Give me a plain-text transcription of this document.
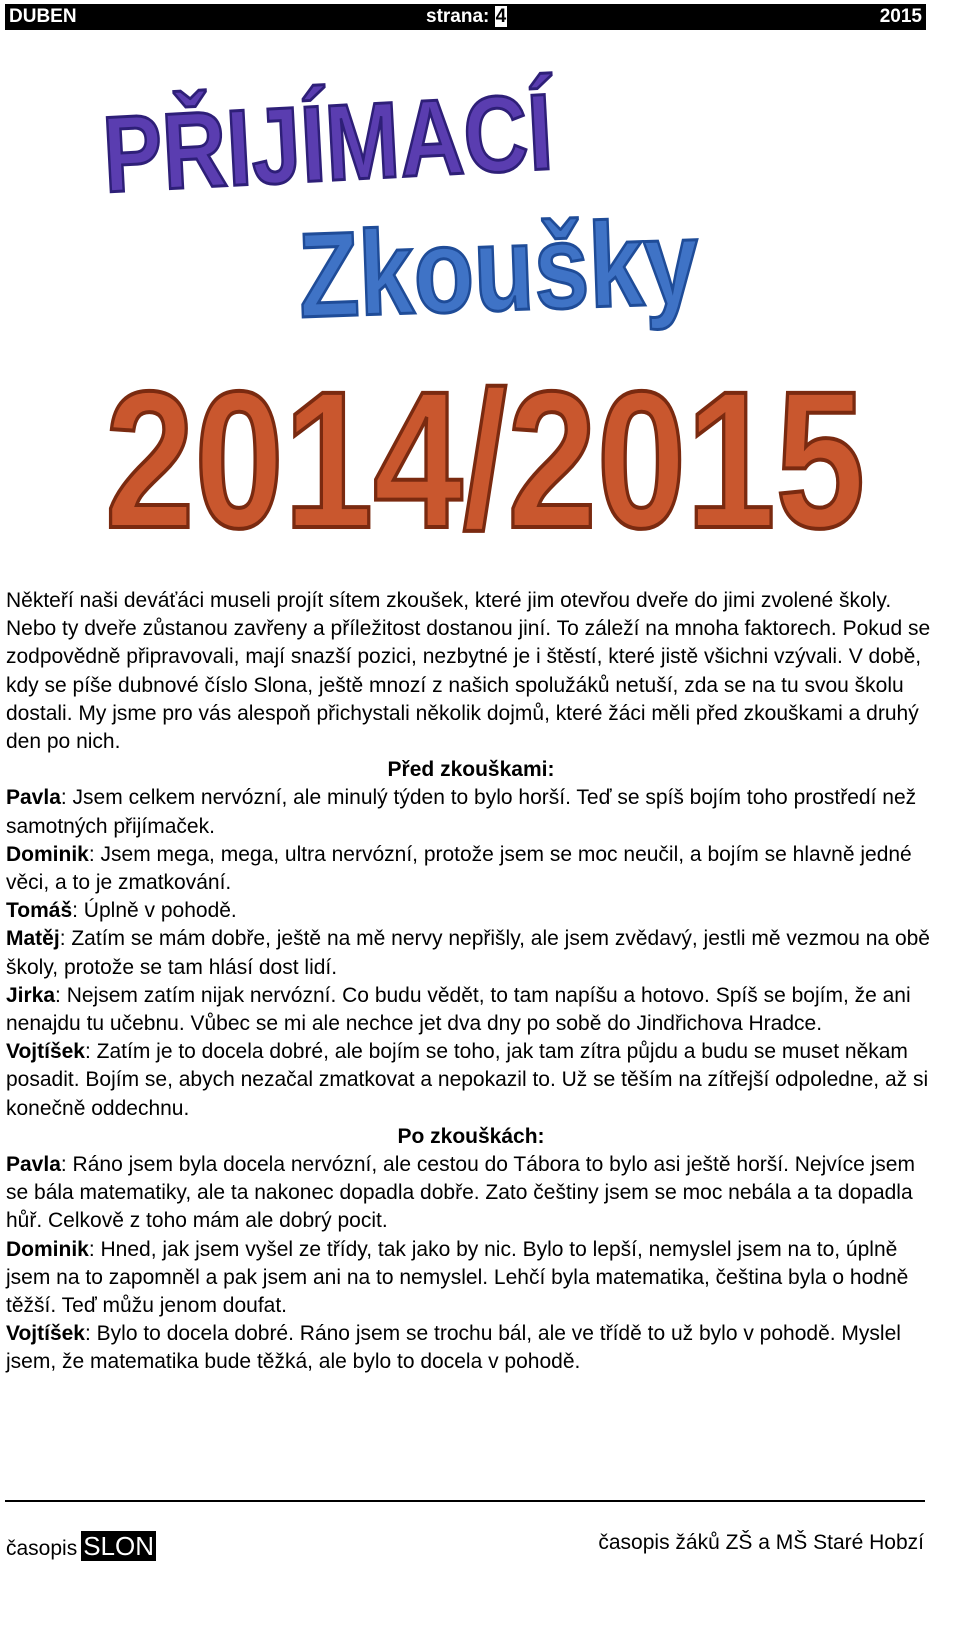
DUBEN	strana: 4	2015
PŘIJÍMACÍ
Zkoušky
2014/2015

Někteří naši deváťáci museli projít sítem zkoušek, které jim otevřou dveře do jimi zvolené školy. Nebo ty dveře zůstanou zavřeny a příležitost dostanou jiní. To záleží na mnoha faktorech. Pokud se zodpovědně připravovali, mají snazší pozici, nezbytné je i štěstí, které jistě všichni vzývali. V době, kdy se píše dubnové číslo Slona, ještě mnozí z našich spolužáků netuší, zda se na tu svou školu dostali. My jsme pro vás alespoň přichystali několik dojmů, které žáci měli před zkouškami a druhý den po nich.

Před zkouškami:

Pavla: Jsem celkem nervózní, ale minulý týden to bylo horší. Teď se spíš bojím toho prostředí než samotných přijímaček.

Dominik: Jsem mega, mega, ultra nervózní, protože jsem se moc neučil, a bojím se hlavně jedné věci, a to je zmatkování.

Tomáš: Úplně v pohodě.

Matěj: Zatím se mám dobře, ještě na mě nervy nepřišly, ale jsem zvědavý, jestli mě vezmou na obě školy, protože se tam hlásí dost lidí.

Jirka: Nejsem zatím nijak nervózní. Co budu vědět, to tam napíšu a hotovo. Spíš se bojím, že ani nenajdu tu učebnu. Vůbec se mi ale nechce jet dva dny po sobě do Jindřichova Hradce.

Vojtíšek: Zatím je to docela dobré, ale bojím se toho, jak tam zítra půjdu a budu se muset někam posadit. Bojím se, abych nezačal zmatkovat a nepokazil to. Už se těším na zítřejší odpoledne, až si konečně oddechnu.

Po zkouškách:

Pavla: Ráno jsem byla docela nervózní, ale cestou do Tábora to bylo asi ještě horší. Nejvíce jsem se bála matematiky, ale ta nakonec dopadla dobře. Zato češtiny jsem se moc nebála a ta dopadla hůř. Celkově z toho mám ale dobrý pocit.

Dominik: Hned, jak jsem vyšel ze třídy, tak jako by nic. Bylo to lepší, nemyslel jsem na to, úplně jsem na to zapomněl a pak jsem ani na to nemyslel. Lehčí byla matematika, čeština byla o hodně těžší. Teď můžu jenom doufat.

Vojtíšek: Bylo to docela dobré. Ráno jsem se trochu bál, ale ve třídě to už bylo v pohodě. Myslel jsem, že matematika bude těžká, ale bylo to docela v pohodě.

časopis SLON	časopis žáků ZŠ a MŠ Staré Hobzí
